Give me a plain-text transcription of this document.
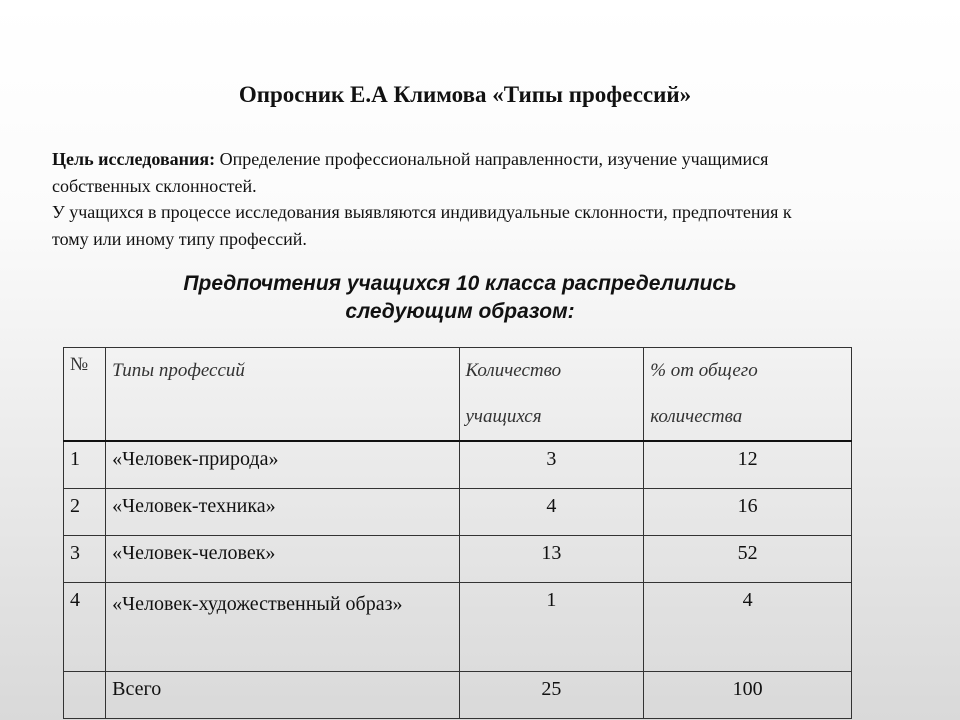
Опросник Е.А Климова «Типы профессий»
Цель исследования: Определение профессиональной направленности, изучение учащимися собственных склонностей.
У учащихся в процессе исследования выявляются индивидуальные склонности, предпочтения к тому или иному типу профессий.
Предпочтения учащихся 10 класса распределились
следующим образом:
№	Типы профессий	Количество учащихся	% от общего количества
1	«Человек-природа»	3	12
2	«Человек-техника»	4	16
3	«Человек-человек»	13	52
4	«Человек-художественный образ»	1	4
	Всего	25	100
